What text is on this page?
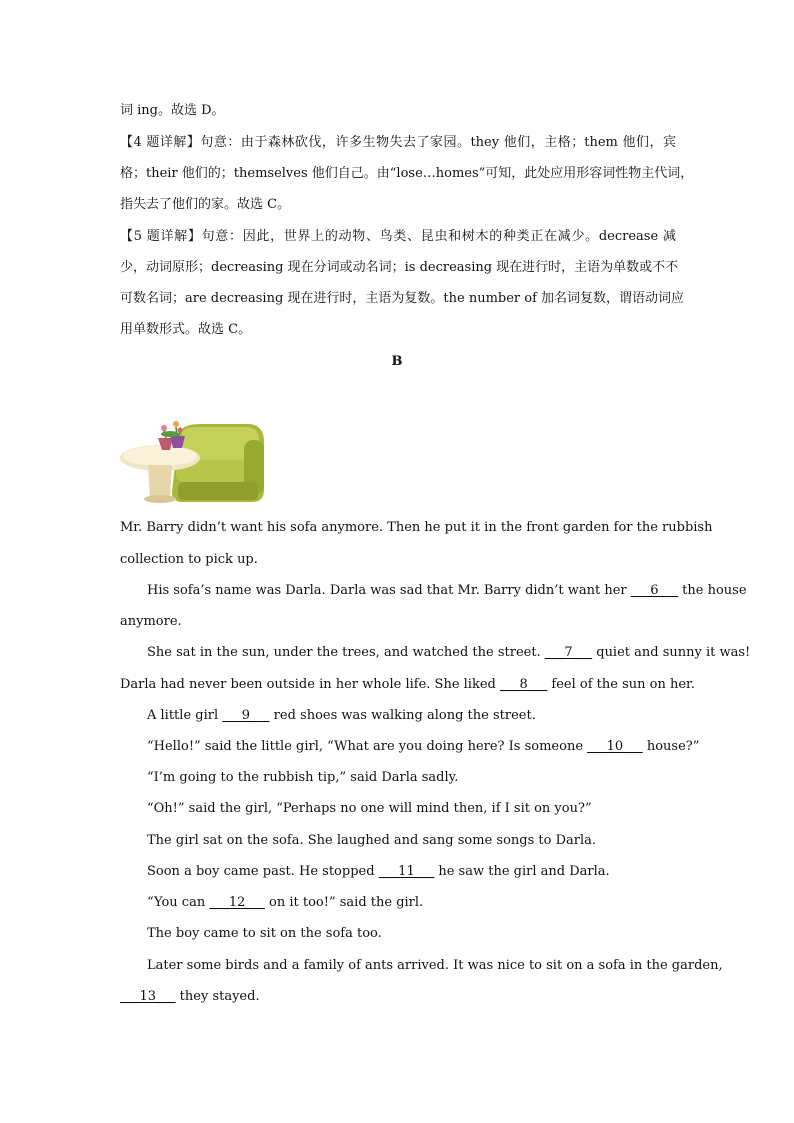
词 ing。故选 D。
【4 题详解】句意：由于森林砍伐，许多生物失去了家园。they 他们，主格；them 他们，宾
格；their 他们的；themselves 他们自己。由“lose…homes”可知，此处应用形容词性物主代词，
指失去了他们的家。故选 C。
【5 题详解】句意：因此，世界上的动物、鸟类、昆虫和树木的种类正在减少。decrease 减
少，动词原形；decreasing 现在分词或动名词；is decreasing 现在进行时，主语为单数或不不
可数名词；are decreasing 现在进行时，主语为复数。the number of 加名词复数，谓语动词应
用单数形式。故选 C。
B
Mr. Barry didn’t want his sofa anymore. Then he put it in the front garden for the rubbish
collection to pick up.
His sofa’s name was Darla. Darla was sad that Mr. Barry didn’t want her ___6___ the house
anymore.
She sat in the sun, under the trees, and watched the street. ___7___ quiet and sunny it was!
Darla had never been outside in her whole life. She liked ___8___ feel of the sun on her.
A little girl ___9___ red shoes was walking along the street.
“Hello!” said the little girl, “What are you doing here? Is someone ___10___ house?”
“I’m going to the rubbish tip,” said Darla sadly.
“Oh!” said the girl, “Perhaps no one will mind then, if I sit on you?”
The girl sat on the sofa. She laughed and sang some songs to Darla.
Soon a boy came past. He stopped ___11___ he saw the girl and Darla.
“You can ___12___ on it too!” said the girl.
The boy came to sit on the sofa too.
Later some birds and a family of ants arrived. It was nice to sit on a sofa in the garden,
___13___ they stayed.
